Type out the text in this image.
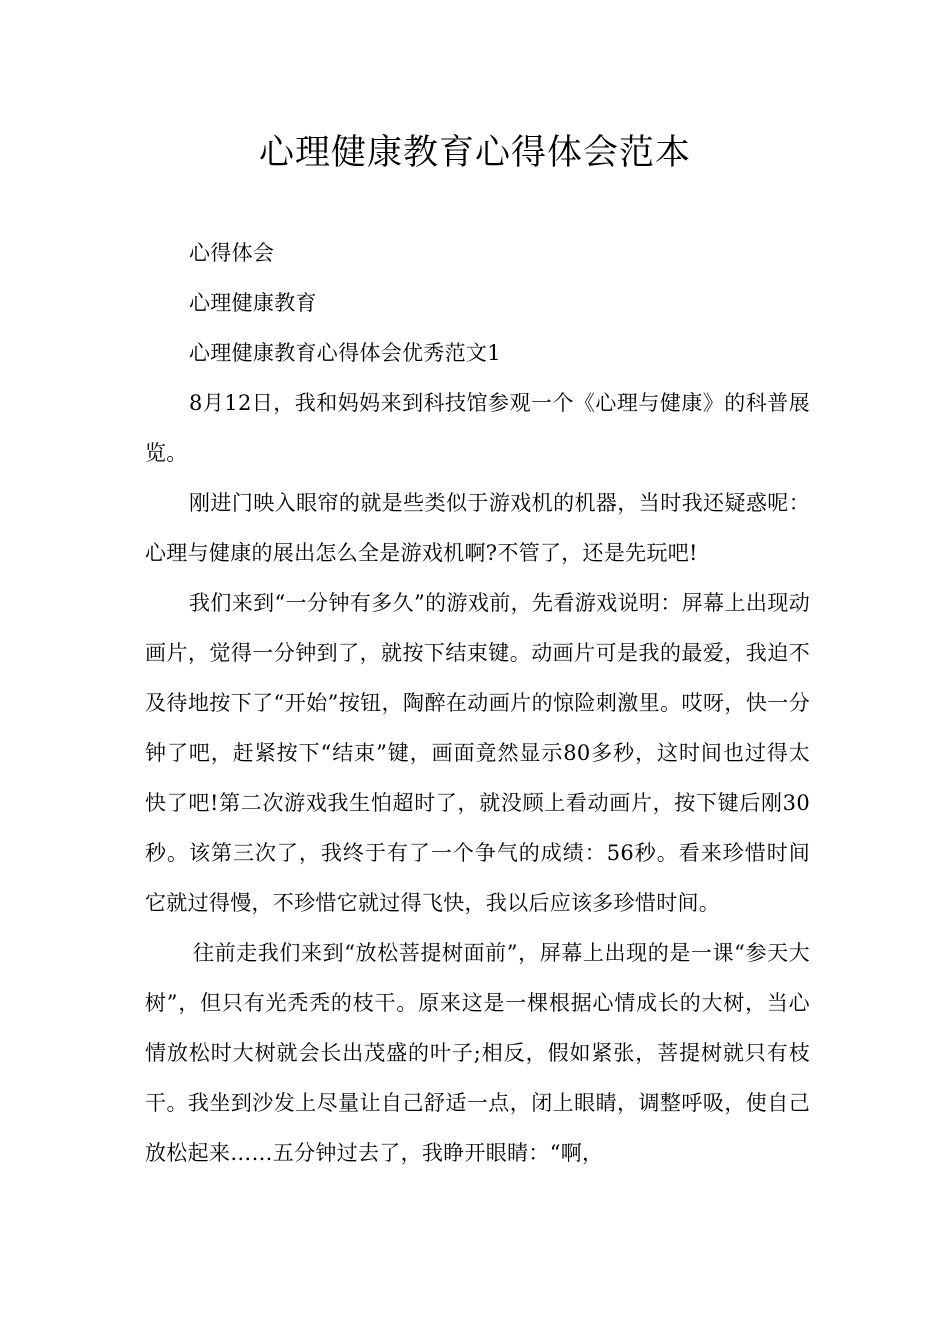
心理健康教育心得体会范本

心得体会

心理健康教育

心理健康教育心得体会优秀范文1

8月12日，我和妈妈来到科技馆参观一个《心理与健康》的科普展览。

刚进门映入眼帘的就是些类似于游戏机的机器，当时我还疑惑呢：心理与健康的展出怎么全是游戏机啊?不管了，还是先玩吧!

我们来到“一分钟有多久”的游戏前，先看游戏说明：屏幕上出现动画片，觉得一分钟到了，就按下结束键。动画片可是我的最爱，我迫不及待地按下了“开始”按钮，陶醉在动画片的惊险刺激里。哎呀，快一分钟了吧，赶紧按下“结束”键，画面竟然显示80多秒，这时间也过得太快了吧!第二次游戏我生怕超时了，就没顾上看动画片，按下键后刚30秒。该第三次了，我终于有了一个争气的成绩：56秒。看来珍惜时间它就过得慢，不珍惜它就过得飞快，我以后应该多珍惜时间。

往前走我们来到“放松菩提树面前”，屏幕上出现的是一课“参天大树”，但只有光秃秃的枝干。原来这是一棵根据心情成长的大树，当心情放松时大树就会长出茂盛的叶子;相反，假如紧张，菩提树就只有枝干。我坐到沙发上尽量让自己舒适一点，闭上眼睛，调整呼吸，使自己放松起来……五分钟过去了，我睁开眼睛：“啊，
